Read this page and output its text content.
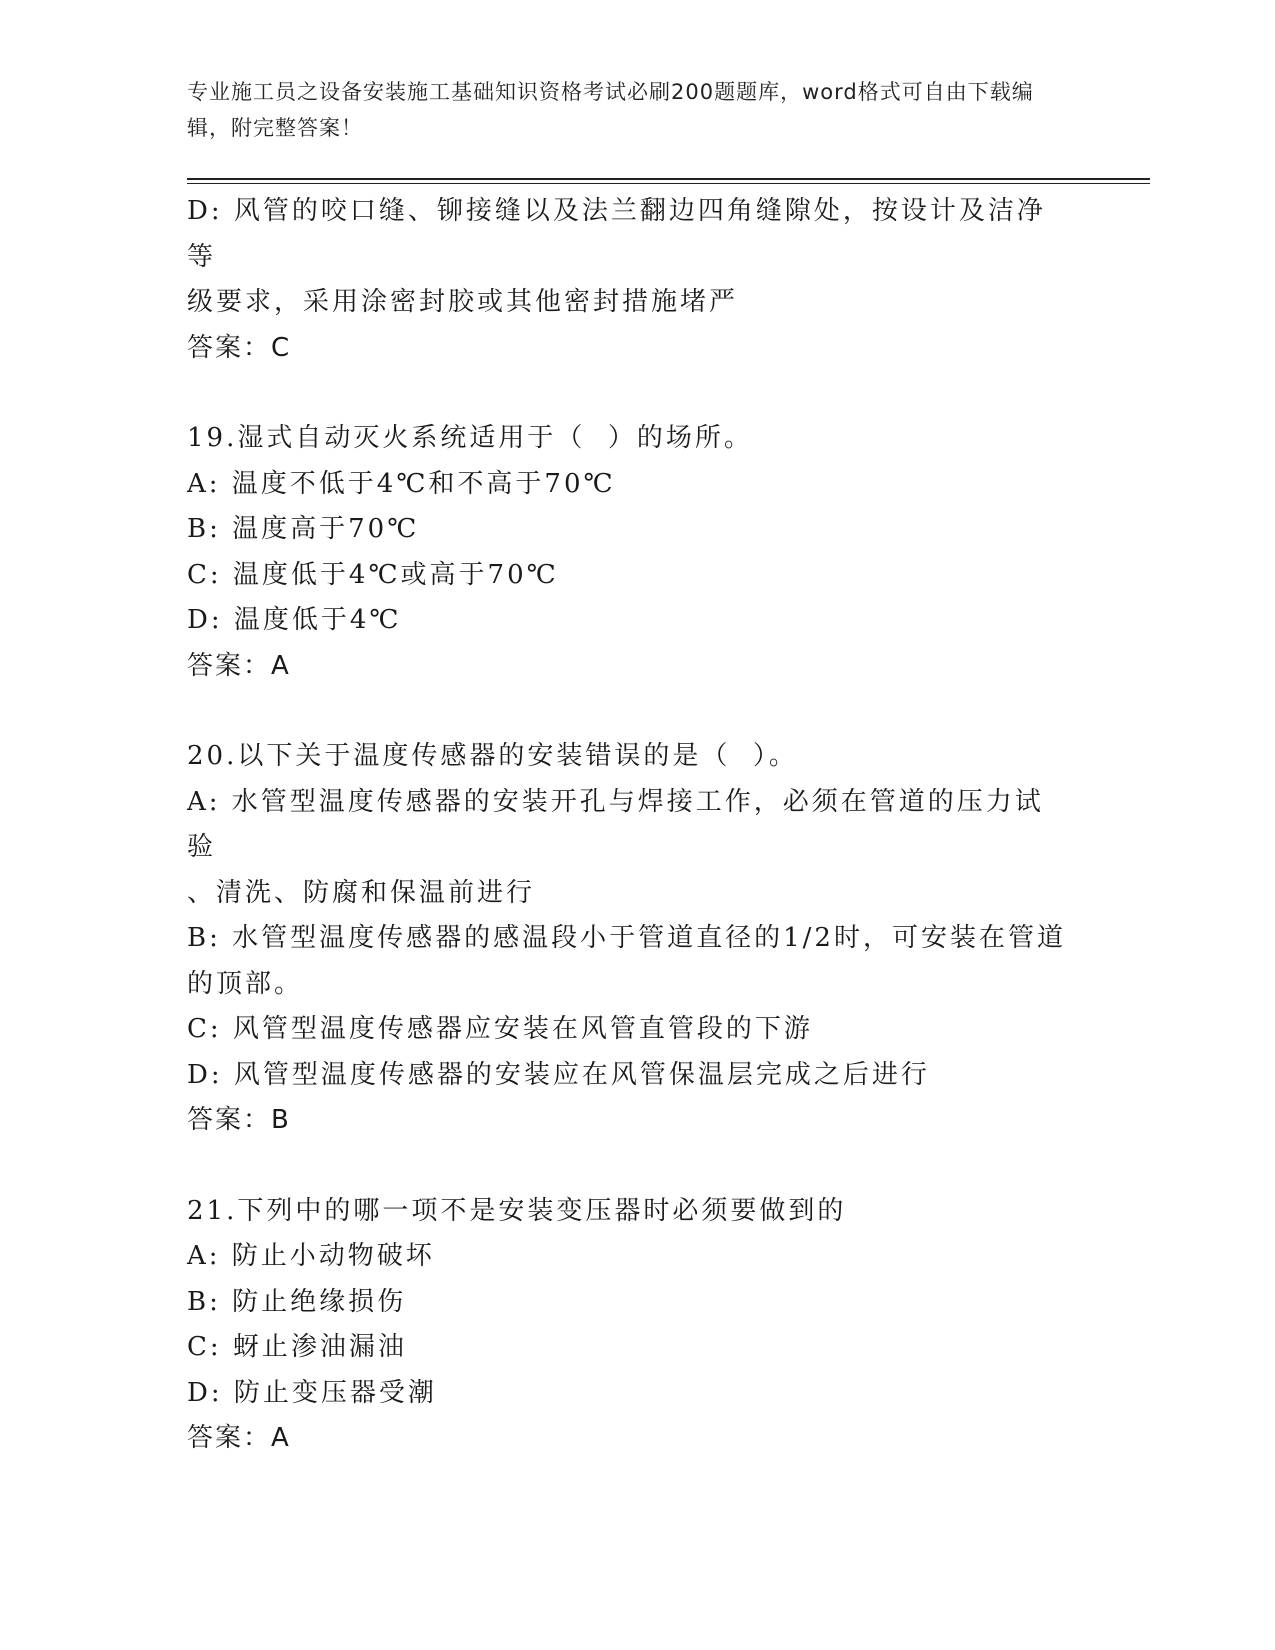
专业施工员之设备安装施工基础知识资格考试必刷200题题库，word格式可自由下载编辑，附完整答案！

D: 风管的咬口缝、铆接缝以及法兰翻边四角缝隙处，按设计及洁净等

级要求，采用涂密封胶或其他密封措施堵严

答案：C

19.湿式自动灭火系统适用于（  ）的场所。

A: 温度不低于4℃和不高于70℃

B: 温度高于70℃

C: 温度低于4℃或高于70℃

D: 温度低于4℃

答案：A

20.以下关于温度传感器的安装错误的是（  ）。

A: 水管型温度传感器的安装开孔与焊接工作，必须在管道的压力试验

、清洗、防腐和保温前进行

B: 水管型温度传感器的感温段小于管道直径的1/2时，可安装在管道

的顶部。

C: 风管型温度传感器应安装在风管直管段的下游

D: 风管型温度传感器的安装应在风管保温层完成之后进行

答案：B

21.下列中的哪一项不是安装变压器时必须要做到的

A: 防止小动物破坏

B: 防止绝缘损伤

C: 蚜止渗油漏油

D: 防止变压器受潮

答案：A
